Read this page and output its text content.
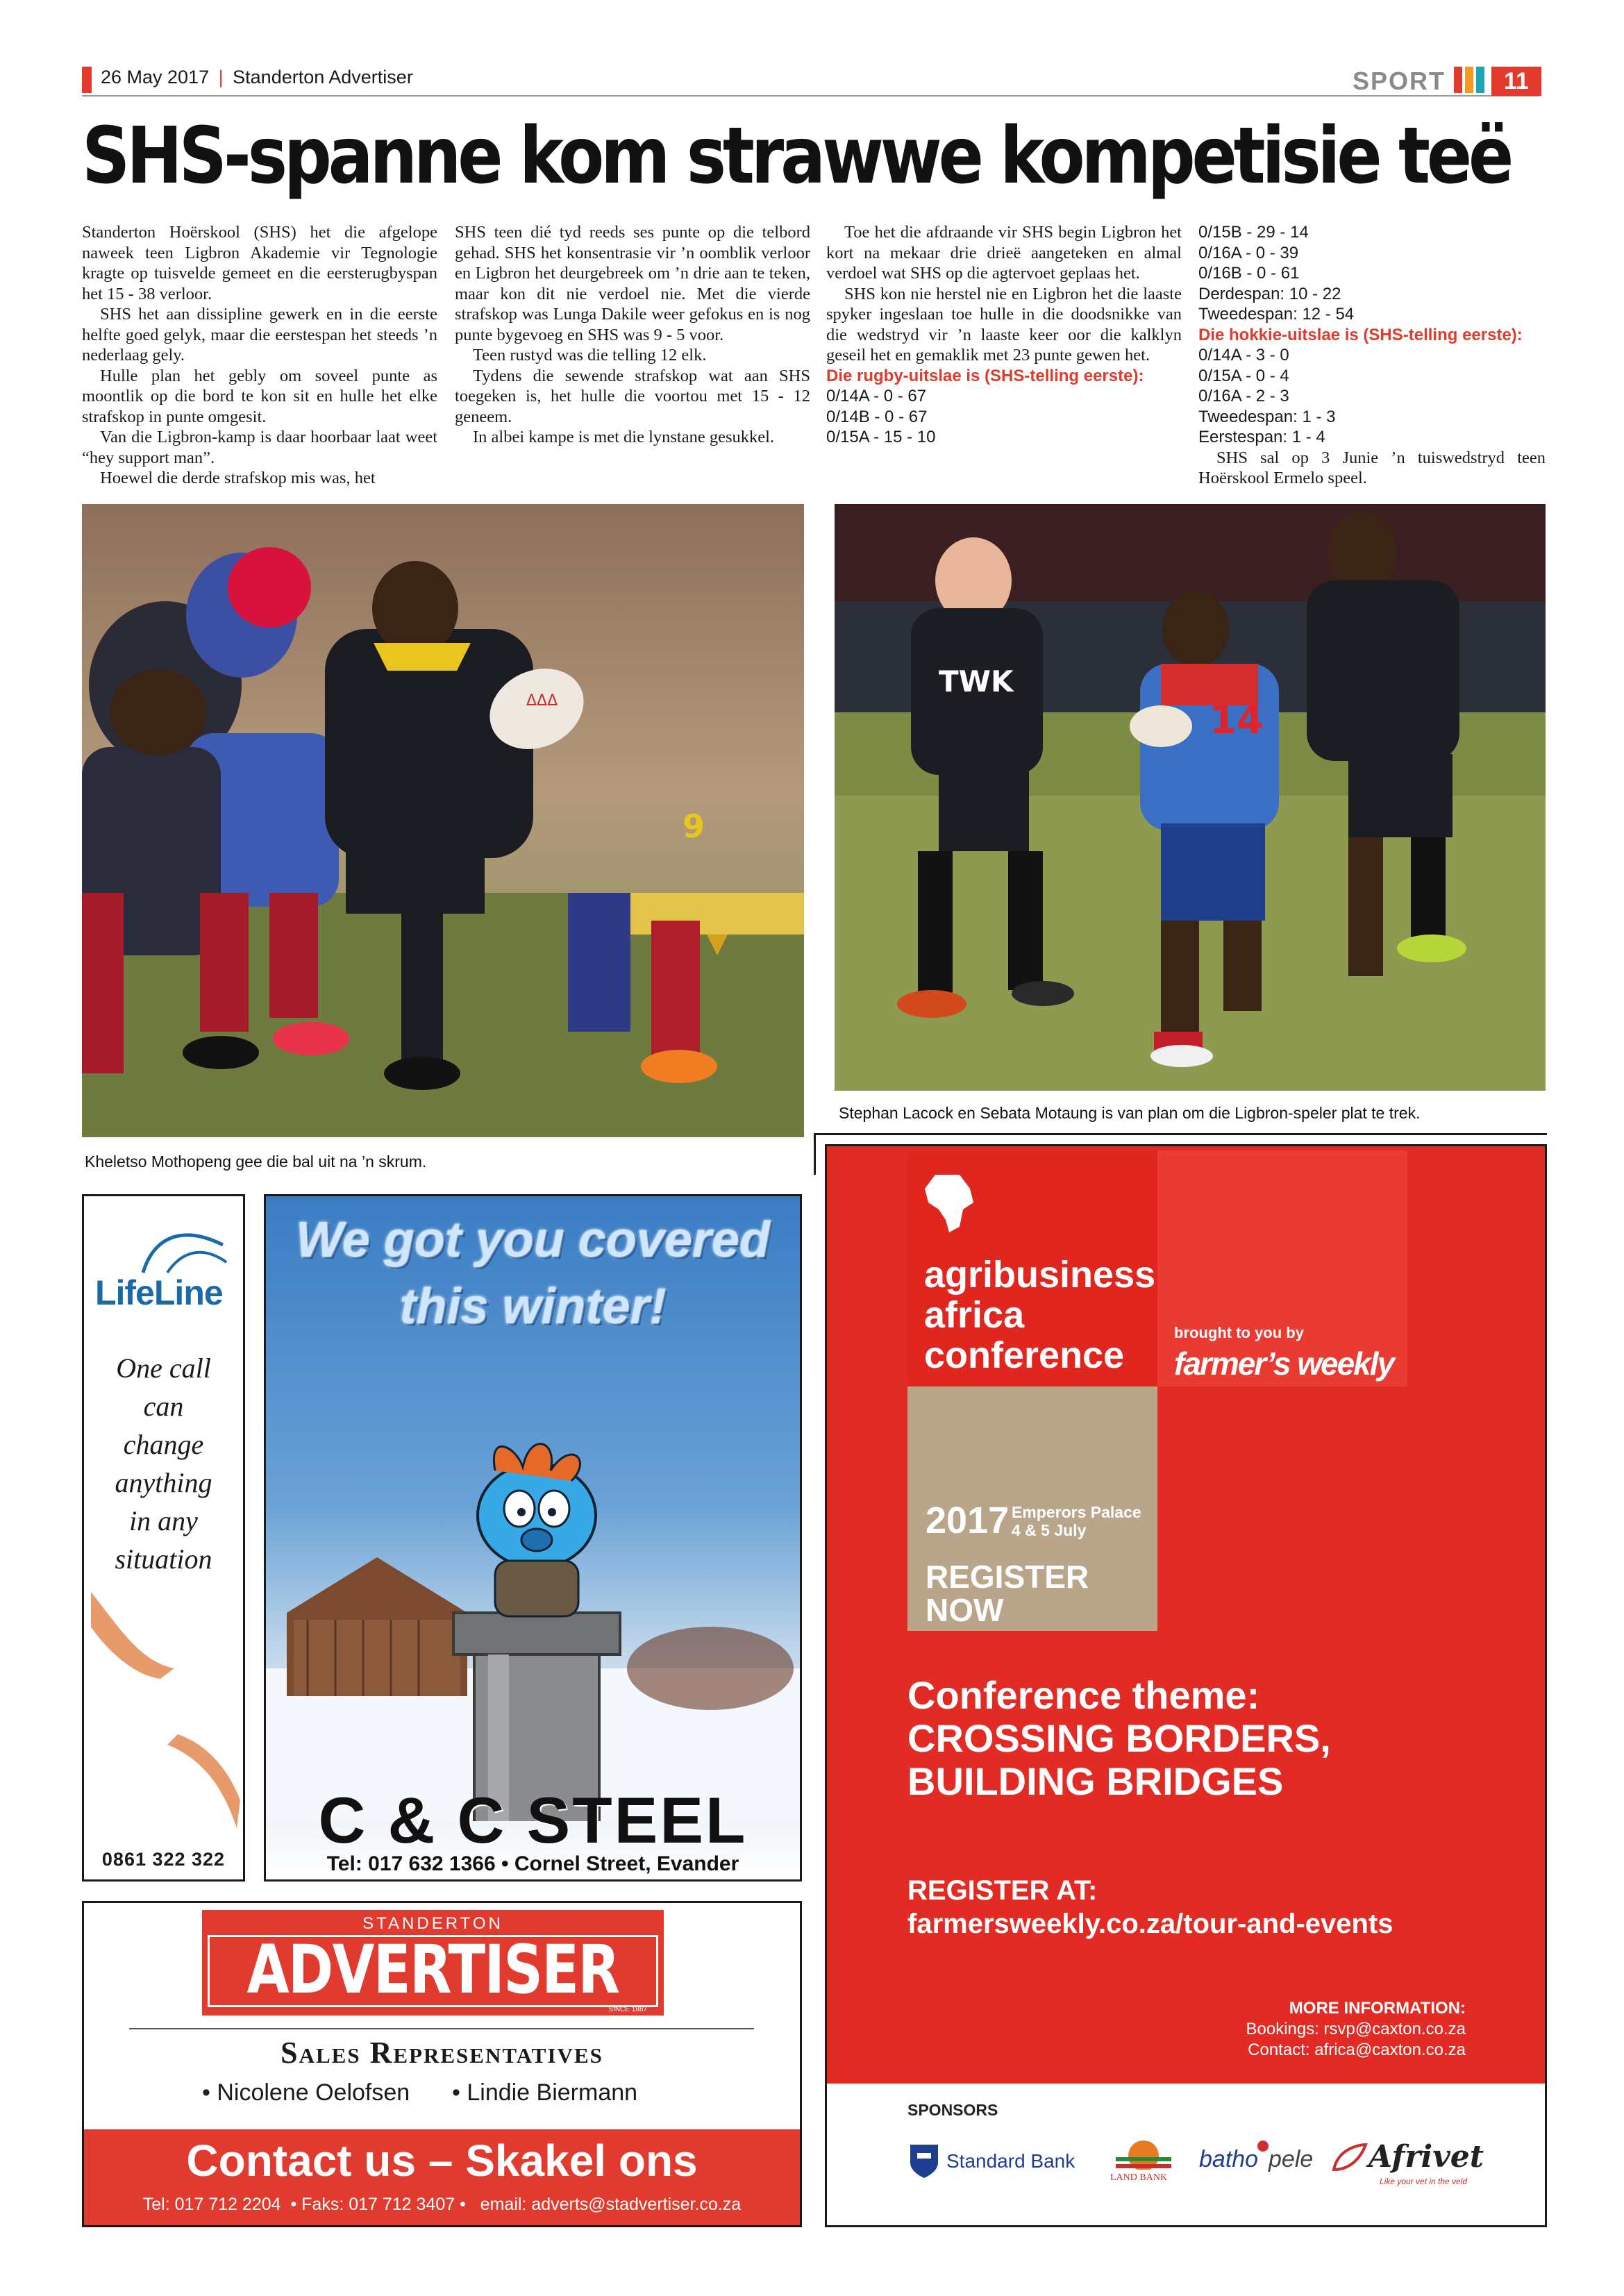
26 May 2017 | Standerton Advertiser	SPORT	11
SHS-spanne kom strawwe kompetisie teë

Standerton Hoërskool (SHS) het die afgelope naweek teen Ligbron Akademie vir Tegnologie kragte op tuisvelde gemeet en die eersterugbyspan het 15 - 38 verloor.

SHS het aan dissipline gewerk en in die eerste helfte goed gelyk, maar die eerstespan het steeds ’n nederlaag gely.

Hulle plan het gebly om soveel punte as moontlik op die bord te kon sit en hulle het elke strafskop in punte omgesit.

Van die Ligbron-kamp is daar hoorbaar laat weet “hey support man”.

Hoewel die derde strafskop mis was, het

SHS teen dié tyd reeds ses punte op die telbord gehad. SHS het konsentrasie vir ’n oomblik verloor en Ligbron het deurgebreek om ’n drie aan te teken, maar kon dit nie verdoel nie. Met die vierde strafskop was Lunga Dakile weer gefokus en is nog punte bygevoeg en SHS was 9 - 5 voor.

Teen rustyd was die telling 12 elk.

Tydens die sewende strafskop wat aan SHS toegeken is, het hulle die voortou met 15 - 12 geneem.

In albei kampe is met die lynstane gesukkel.

Toe het die afdraande vir SHS begin Ligbron het kort na mekaar drie drieë aangeteken en almal verdoel wat SHS op die agtervoet geplaas het.

SHS kon nie herstel nie en Ligbron het die laaste spyker ingeslaan toe hulle in die doodsnikke van die wedstryd vir ’n laaste keer oor die kalklyn geseil het en gemaklik met 23 punte gewen het.

Die rugby-uitslae is (SHS-telling eerste):
0/14A - 0 - 67
0/14B - 0 - 67
0/15A - 15 - 10
0/15B - 29 - 14
0/16A - 0 - 39
0/16B - 0 - 61
Derdespan: 10 - 22
Tweedespan: 12 - 54
Die hokkie-uitslae is (SHS-telling eerste):
0/14A - 3 - 0
0/15A - 0 - 4
0/16A - 2 - 3
Tweedespan: 1 - 3
Eerstespan: 1 - 4

SHS sal op 3 Junie ’n tuiswedstryd teen Hoërskool Ermelo speel.

ΔΔΔ
9
Kheletso Mothopeng gee die bal uit na ’n skrum.
TWK
14
Stephan Lacock en Sebata Motaung is van plan om die Ligbron-speler plat te trek.
LifeLine
One call
can
change
anything
in any
situation
0861 322 322
We got you covered
this winter!
C & C STEEL
Tel: 017 632 1366 • Cornel Street, Evander
STANDERTON
ADVERTISER
SINCE 1887
Sales Representatives
• Nicolene Oelofsen • Lindie Biermann
Contact us – Skakel ons
Tel: 017 712 2204  • Faks: 017 712 3407 •   email: adverts@stadvertiser.co.za
agribusiness
africa
conference
brought to you by
farmer’s weekly
2017 Emperors Palace
4 & 5 July
REGISTER
NOW
Conference theme:
CROSSING BORDERS,
BUILDING BRIDGES
REGISTER AT:
farmersweekly.co.za/tour-and-events
MORE INFORMATION:
Bookings: rsvp@caxton.co.za
Contact: africa@caxton.co.za
SPONSORS
Standard Bank
LAND BANK
batho pele Afrivet
Like your vet in the veld
